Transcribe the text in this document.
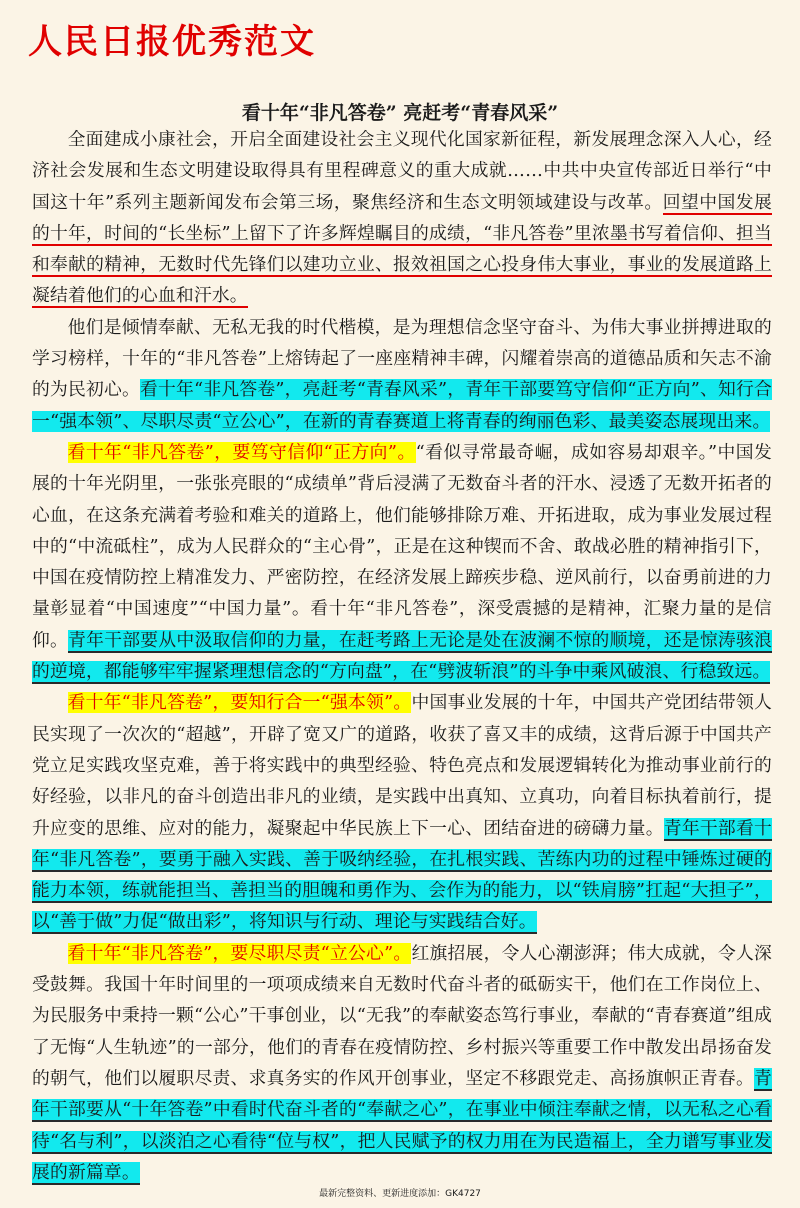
人民日报优秀范文
看十年“非凡答卷” 亮赶考“青春风采”

全面建成小康社会，开启全面建设社会主义现代化国家新征程，新发展理念深入人心，经济社会发展和生态文明建设取得具有里程碑意义的重大成就……中共中央宣传部近日举行“中国这十年”系列主题新闻发布会第三场，聚焦经济和生态文明领域建设与改革。回望中国发展的十年，时间的“长坐标”上留下了许多辉煌瞩目的成绩，“非凡答卷”里浓墨书写着信仰、担当和奉献的精神，无数时代先锋们以建功立业、报效祖国之心投身伟大事业，事业的发展道路上凝结着他们的心血和汗水。

他们是倾情奉献、无私无我的时代楷模，是为理想信念坚守奋斗、为伟大事业拼搏进取的学习榜样，十年的“非凡答卷”上熔铸起了一座座精神丰碑，闪耀着崇高的道德品质和矢志不渝的为民初心。看十年“非凡答卷”，亮赶考“青春风采”，青年干部要笃守信仰“正方向”、知行合一“强本领”、尽职尽责“立公心”，在新的青春赛道上将青春的绚丽色彩、最美姿态展现出来。

看十年“非凡答卷”，要笃守信仰“正方向”。“看似寻常最奇崛，成如容易却艰辛。”中国发展的十年光阴里，一张张亮眼的“成绩单”背后浸满了无数奋斗者的汗水、浸透了无数开拓者的心血，在这条充满着考验和难关的道路上，他们能够排除万难、开拓进取，成为事业发展过程中的“中流砥柱”，成为人民群众的“主心骨”，正是在这种锲而不舍、敢战必胜的精神指引下，中国在疫情防控上精准发力、严密防控，在经济发展上蹄疾步稳、逆风前行，以奋勇前进的力量彰显着“中国速度”“中国力量”。看十年“非凡答卷”，深受震撼的是精神，汇聚力量的是信仰。青年干部要从中汲取信仰的力量，在赶考路上无论是处在波澜不惊的顺境，还是惊涛骇浪的逆境，都能够牢牢握紧理想信念的“方向盘”，在“劈波斩浪”的斗争中乘风破浪、行稳致远。

看十年“非凡答卷”，要知行合一“强本领”。中国事业发展的十年，中国共产党团结带领人民实现了一次次的“超越”，开辟了宽又广的道路，收获了喜又丰的成绩，这背后源于中国共产党立足实践攻坚克难，善于将实践中的典型经验、特色亮点和发展逻辑转化为推动事业前行的好经验，以非凡的奋斗创造出非凡的业绩，是实践中出真知、立真功，向着目标执着前行，提升应变的思维、应对的能力，凝聚起中华民族上下一心、团结奋进的磅礴力量。青年干部看十年“非凡答卷”，要勇于融入实践、善于吸纳经验，在扎根实践、苦练内功的过程中锤炼过硬的能力本领，练就能担当、善担当的胆魄和勇作为、会作为的能力，以“铁肩膀”扛起“大担子”，以“善于做”力促“做出彩”，将知识与行动、理论与实践结合好。

看十年“非凡答卷”，要尽职尽责“立公心”。红旗招展，令人心潮澎湃；伟大成就，令人深受鼓舞。我国十年时间里的一项项成绩来自无数时代奋斗者的砥砺实干，他们在工作岗位上、为民服务中秉持一颗“公心”干事创业，以“无我”的奉献姿态笃行事业，奉献的“青春赛道”组成了无悔“人生轨迹”的一部分，他们的青春在疫情防控、乡村振兴等重要工作中散发出昂扬奋发的朝气，他们以履职尽责、求真务实的作风开创事业，坚定不移跟党走、高扬旗帜正青春。青年干部要从“十年答卷”中看时代奋斗者的“奉献之心”，在事业中倾注奉献之情，以无私之心看待“名与利”，以淡泊之心看待“位与权”，把人民赋予的权力用在为民造福上，全力谱写事业发展的新篇章。

最新完整资料、更新进度添加：GK4727
